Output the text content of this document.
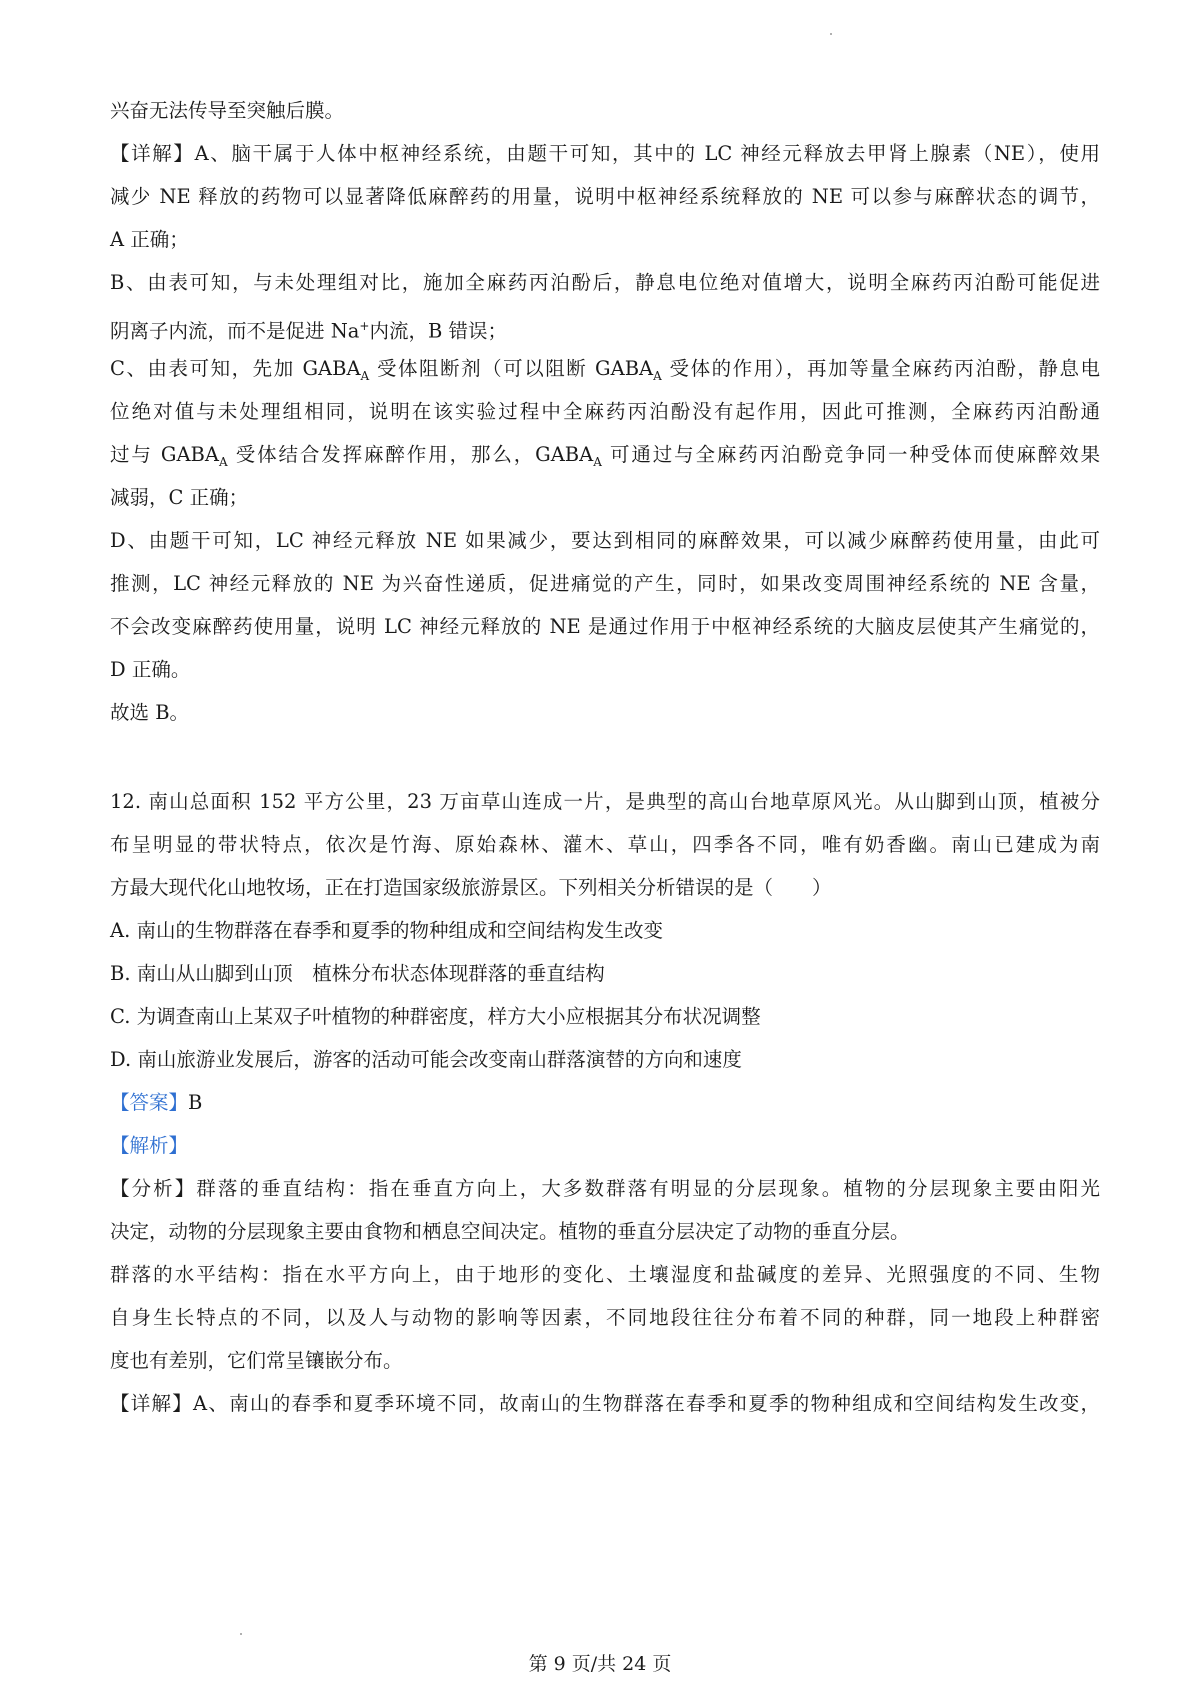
兴奋无法传导至突触后膜。
【详解】A、脑干属于人体中枢神经系统，由题干可知，其中的 LC 神经元释放去甲肾上腺素（NE），使用
减少 NE 释放的药物可以显著降低麻醉药的用量，说明中枢神经系统释放的 NE 可以参与麻醉状态的调节，
A 正确；
B、由表可知，与未处理组对比，施加全麻药丙泊酚后，静息电位绝对值增大，说明全麻药丙泊酚可能促进
阴离子内流，而不是促进 Na+内流，B 错误；
C、由表可知，先加 $GABA_A$ 受体阻断剂（可以阻断 $GABA_A$ 受体的作用），再加等量全麻药丙泊酚，静息电
位绝对值与未处理组相同，说明在该实验过程中全麻药丙泊酚没有起作用，因此可推测，全麻药丙泊酚通
过与 $GABA_A$ 受体结合发挥麻醉作用，那么，$GABA_A$ 可通过与全麻药丙泊酚竞争同一种受体而使麻醉效果
减弱，C 正确；
D、由题干可知，LC 神经元释放 NE 如果减少，要达到相同的麻醉效果，可以减少麻醉药使用量，由此可
推测，LC 神经元释放的 NE 为兴奋性递质，促进痛觉的产生，同时，如果改变周围神经系统的 NE 含量，
不会改变麻醉药使用量，说明 LC 神经元释放的 NE 是通过作用于中枢神经系统的大脑皮层使其产生痛觉的，
D 正确。
故选 B。
12. 南山总面积 152 平方公里，23 万亩草山连成一片，是典型的高山台地草原风光。从山脚到山顶，植被分
布呈明显的带状特点，依次是竹海、原始森林、灌木、草山，四季各不同，唯有奶香幽。南山已建成为南
方最大现代化山地牧场，正在打造国家级旅游景区。下列相关分析错误的是（　　）
A. 南山的生物群落在春季和夏季的物种组成和空间结构发生改变
B. 南山从山脚到山顶　植株分布状态体现群落的垂直结构
C. 为调查南山上某双子叶植物的种群密度，样方大小应根据其分布状况调整
D. 南山旅游业发展后，游客的活动可能会改变南山群落演替的方向和速度
【答案】B
【解析】
【分析】群落的垂直结构：指在垂直方向上，大多数群落有明显的分层现象。植物的分层现象主要由阳光
决定，动物的分层现象主要由食物和栖息空间决定。植物的垂直分层决定了动物的垂直分层。
群落的水平结构：指在水平方向上，由于地形的变化、土壤湿度和盐碱度的差异、光照强度的不同、生物
自身生长特点的不同，以及人与动物的影响等因素，不同地段往往分布着不同的种群，同一地段上种群密
度也有差别，它们常呈镶嵌分布。
【详解】A、南山的春季和夏季环境不同，故南山的生物群落在春季和夏季的物种组成和空间结构发生改变，
第 9 页/共 24 页
